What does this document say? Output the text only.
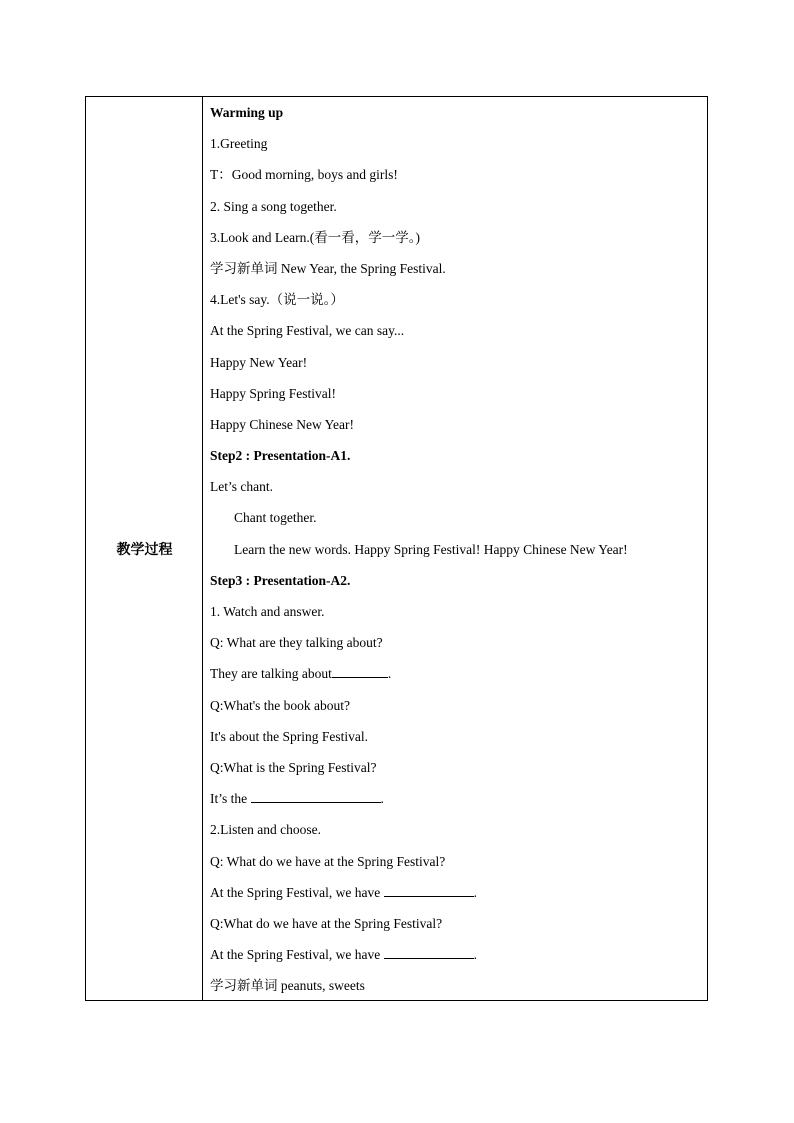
教学过程
Warming up
1.Greeting
T：Good morning, boys and girls!
2. Sing a song together.
3.Look and Learn.(看一看，学一学。)
学习新单词 New Year, the Spring Festival.
4.Let's say.（说一说。）
At the Spring Festival, we can say...
Happy New Year!
Happy Spring Festival!
Happy Chinese New Year!
Step2 : Presentation-A1.
Let’s chant.
Chant together.
Learn the new words. Happy Spring Festival! Happy Chinese New Year!
Step3 : Presentation-A2.
1. Watch and answer.
Q: What are they talking about?
They are talking about	.
Q:What's the book about?
It's about the Spring Festival.
Q:What is the Spring Festival?
It’s the	.
2.Listen and choose.
Q: What do we have at the Spring Festival?
At the Spring Festival, we have	.
Q:What do we have at the Spring Festival?
At the Spring Festival, we have	.
学习新单词 peanuts, sweets
